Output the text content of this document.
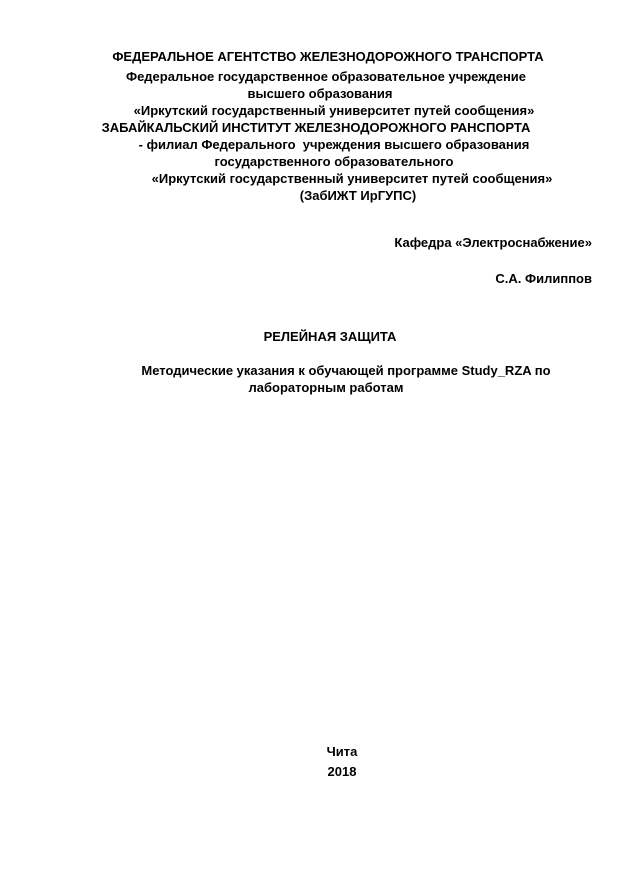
ФЕДЕРАЛЬНОЕ АГЕНТСТВО ЖЕЛЕЗНОДОРОЖНОГО ТРАНСПОРТА
Федеральное государственное образовательное учреждение
высшего образования
«Иркутский государственный университет путей сообщения»
ЗАБАЙКАЛЬСКИЙ ИНСТИТУТ ЖЕЛЕЗНОДОРОЖНОГО РАНСПОРТА
- филиал Федерального  учреждения высшего образования
государственного образовательного
«Иркутский государственный университет путей сообщения»
(ЗабИЖТ ИрГУПС)
Кафедра «Электроснабжение»
С.А. Филиппов
РЕЛЕЙНАЯ ЗАЩИТА
Методические указания к обучающей программе Study_RZA по
лабораторным работам
Чита
2018
